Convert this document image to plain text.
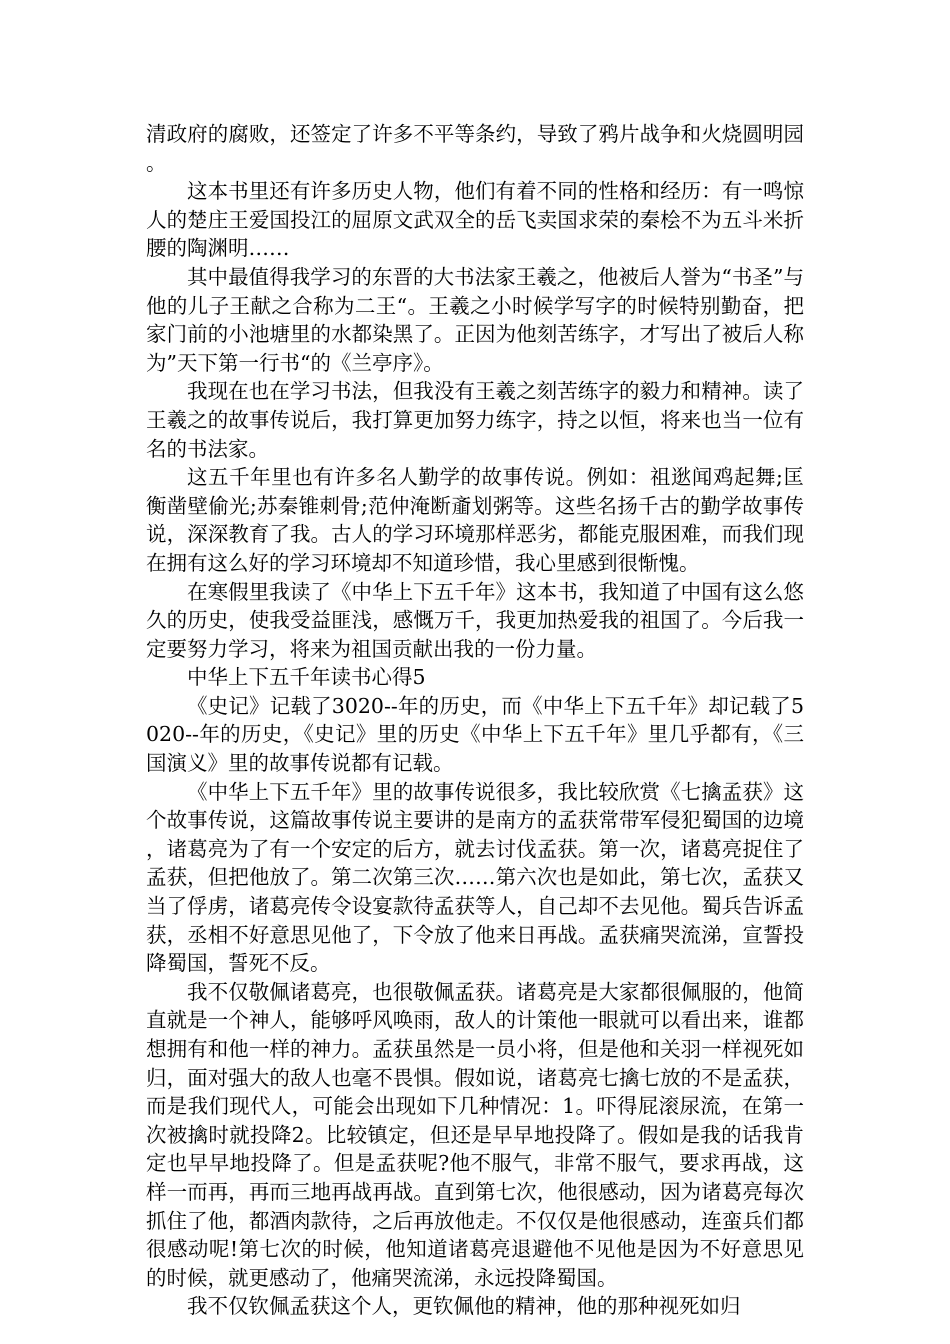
清政府的腐败，还签定了许多不平等条约，导致了鸦片战争和火烧圆明园。

这本书里还有许多历史人物，他们有着不同的性格和经历：有一鸣惊人的楚庄王爱国投江的屈原文武双全的岳飞卖国求荣的秦桧不为五斗米折腰的陶渊明……

其中最值得我学习的东晋的大书法家王羲之，他被后人誉为“书圣”与他的儿子王献之合称为二王“。王羲之小时候学写字的时候特别勤奋，把家门前的小池塘里的水都染黑了。正因为他刻苦练字，才写出了被后人称为”天下第一行书“的《兰亭序》。

我现在也在学习书法，但我没有王羲之刻苦练字的毅力和精神。读了王羲之的故事传说后，我打算更加努力练字，持之以恒，将来也当一位有名的书法家。

这五千年里也有许多名人勤学的故事传说。例如：祖逖闻鸡起舞;匡衡凿壁偷光;苏秦锥刺骨;范仲淹断齑划粥等。这些名扬千古的勤学故事传说，深深教育了我。古人的学习环境那样恶劣，都能克服困难，而我们现在拥有这么好的学习环境却不知道珍惜，我心里感到很惭愧。

在寒假里我读了《中华上下五千年》这本书，我知道了中国有这么悠久的历史，使我受益匪浅，感慨万千，我更加热爱我的祖国了。今后我一定要努力学习，将来为祖国贡献出我的一份力量。

中华上下五千年读书心得5

《史记》记载了3020--年的历史，而《中华上下五千年》却记载了5020--年的历史，《史记》里的历史《中华上下五千年》里几乎都有，《三国演义》里的故事传说都有记载。

《中华上下五千年》里的故事传说很多，我比较欣赏《七擒孟获》这个故事传说，这篇故事传说主要讲的是南方的孟获常带军侵犯蜀国的边境，诸葛亮为了有一个安定的后方，就去讨伐孟获。第一次，诸葛亮捉住了孟获，但把他放了。第二次第三次……第六次也是如此，第七次，孟获又当了俘虏，诸葛亮传令设宴款待孟获等人，自己却不去见他。蜀兵告诉孟获，丞相不好意思见他了，下令放了他来日再战。孟获痛哭流涕，宣誓投降蜀国，誓死不反。

我不仅敬佩诸葛亮，也很敬佩孟获。诸葛亮是大家都很佩服的，他简直就是一个神人，能够呼风唤雨，敌人的计策他一眼就可以看出来，谁都想拥有和他一样的神力。孟获虽然是一员小将，但是他和关羽一样视死如归，面对强大的敌人也毫不畏惧。假如说，诸葛亮七擒七放的不是孟获，而是我们现代人，可能会出现如下几种情况：1。吓得屁滚尿流，在第一次被擒时就投降2。比较镇定，但还是早早地投降了。假如是我的话我肯定也早早地投降了。但是孟获呢?他不服气，非常不服气，要求再战，这样一而再，再而三地再战再战。直到第七次，他很感动，因为诸葛亮每次抓住了他，都酒肉款待，之后再放他走。不仅仅是他很感动，连蛮兵们都很感动呢!第七次的时候，他知道诸葛亮退避他不见他是因为不好意思见的时候，就更感动了，他痛哭流涕，永远投降蜀国。

我不仅钦佩孟获这个人，更钦佩他的精神，他的那种视死如归
